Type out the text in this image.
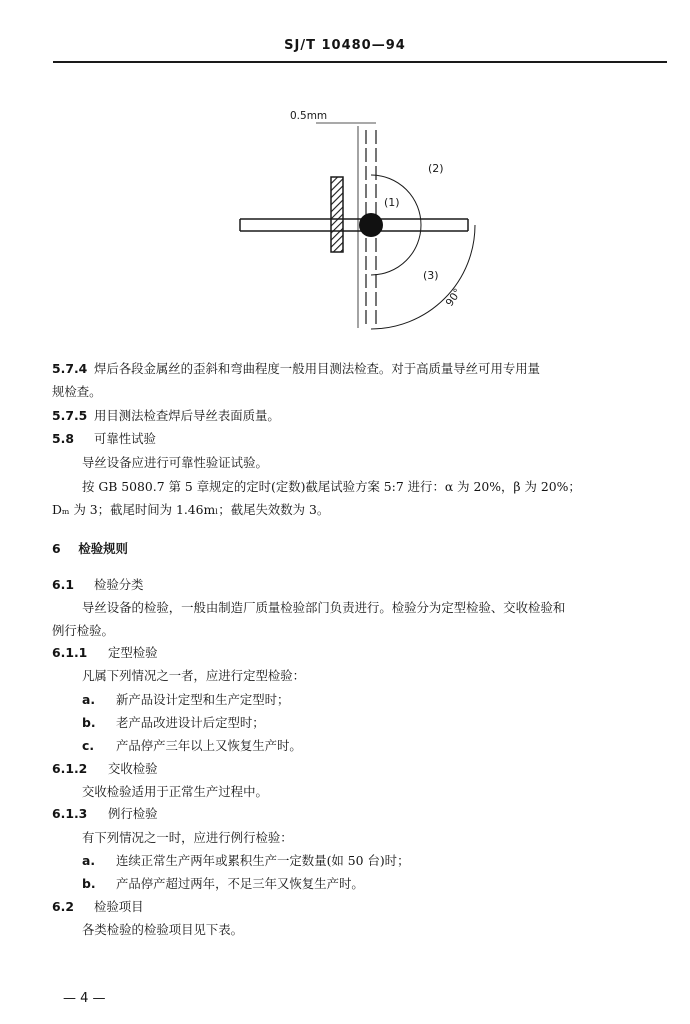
SJ/T 10480—94
0.5mm
(1)
(2)
(3)
90°
5.7.4 焊后各段金属丝的歪斜和弯曲程度一般用目测法检查。对于高质量导丝可用专用量
规检查。
5.7.5 用目测法检查焊后导丝表面质量。
5.8 可靠性试验
导丝设备应进行可靠性验证试验。
按 GB 5080.7 第 5 章规定的定时(定数)截尾试验方案 5:7 进行：α 为 20%，β 为 20%；
Dₘ 为 3；截尾时间为 1.46mₗ；截尾失效数为 3。
6 检验规则
6.1 检验分类
导丝设备的检验，一般由制造厂质量检验部门负责进行。检验分为定型检验、交收检验和
例行检验。
6.1.1 定型检验
凡属下列情况之一者，应进行定型检验：
a. 新产品设计定型和生产定型时；
b. 老产品改进设计后定型时；
c. 产品停产三年以上又恢复生产时。
6.1.2 交收检验
交收检验适用于正常生产过程中。
6.1.3 例行检验
有下列情况之一时，应进行例行检验：
a. 连续正常生产两年或累积生产一定数量(如 50 台)时；
b. 产品停产超过两年，不足三年又恢复生产时。
6.2 检验项目
各类检验的检验项目见下表。
— 4 —
